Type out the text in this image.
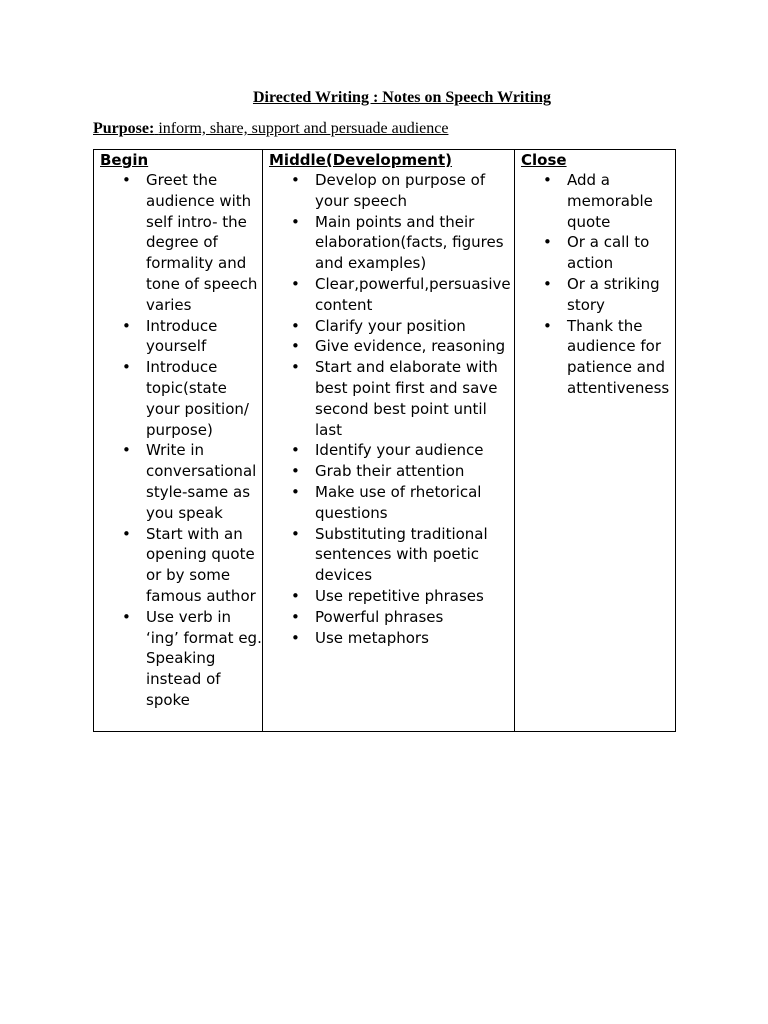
Directed Writing : Notes on Speech Writing

Purpose: inform, share, support and persuade audience

Begin
• Greet the audience with self intro- the degree of formality and tone of speech varies
• Introduce yourself
• Introduce topic(state your position/ purpose)
• Write in conversational style-same as you speak
• Start with an opening quote or by some famous author
• Use verb in ‘ing’ format eg. Speaking instead of spoke

Middle(Development)
• Develop on purpose of your speech
• Main points and their elaboration(facts, figures and examples)
• Clear,powerful,persuasive content
• Clarify your position
• Give evidence, reasoning
• Start and elaborate with best point first and save second best point until last
• Identify your audience
• Grab their attention
• Make use of rhetorical questions
• Substituting traditional sentences with poetic devices
• Use repetitive phrases
• Powerful phrases
• Use metaphors

Close
• Add a memorable quote
• Or a call to action
• Or a striking story
• Thank the audience for patience and attentiveness
